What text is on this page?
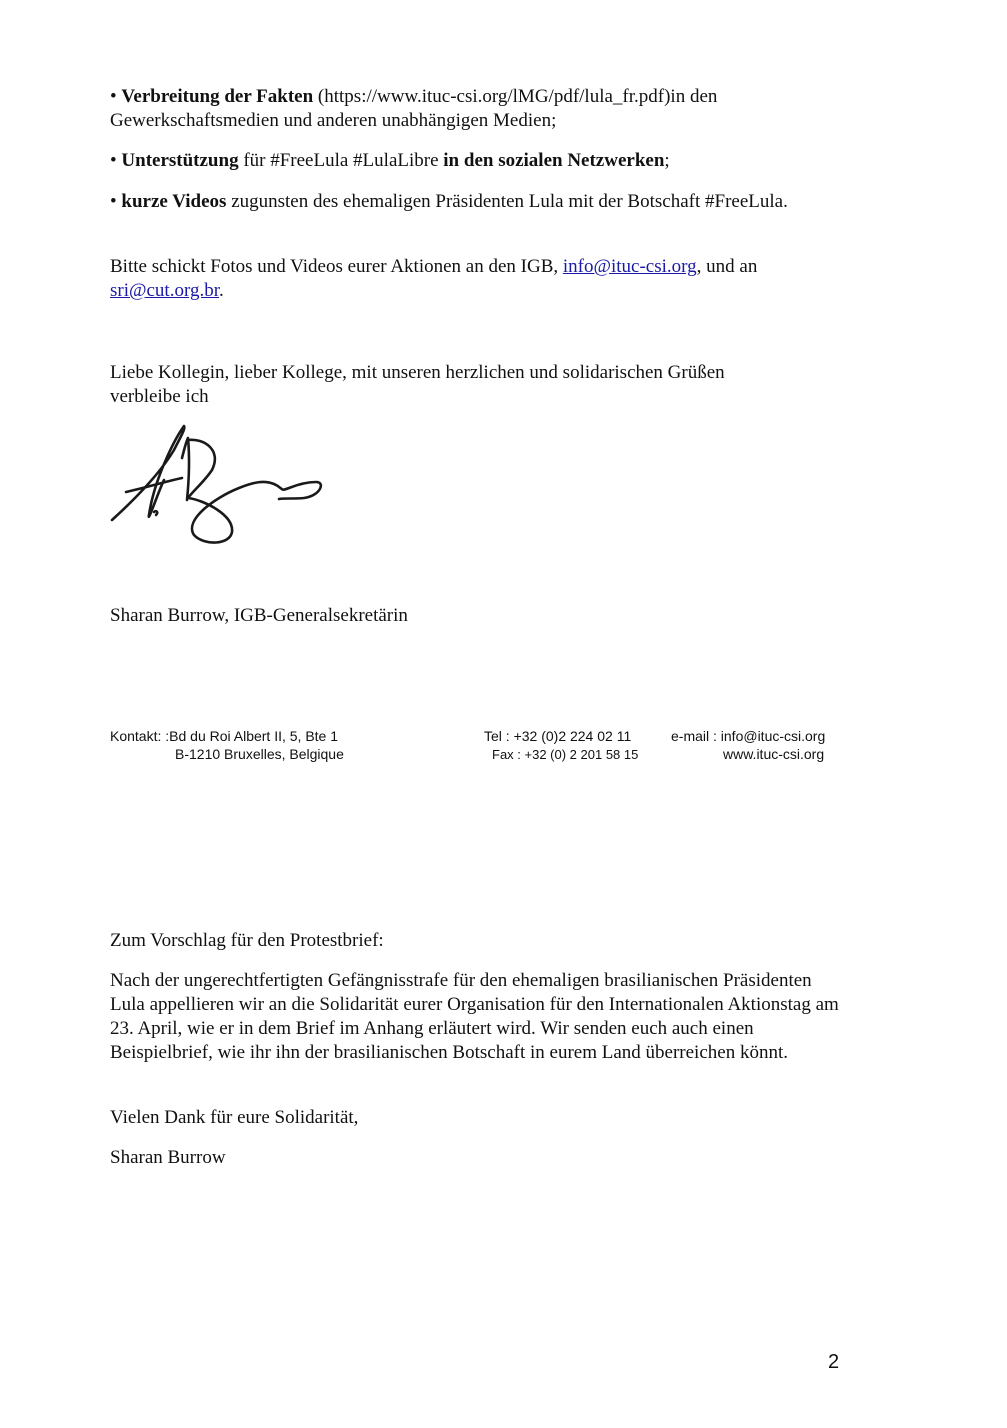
• Verbreitung der Fakten (https://www.ituc-csi.org/lMG/pdf/lula_fr.pdf)in den Gewerkschaftsmedien und anderen unabhängigen Medien;

• Unterstützung für #FreeLula #LulaLibre in den sozialen Netzwerken;

• kurze Videos zugunsten des ehemaligen Präsidenten Lula mit der Botschaft #FreeLula.

Bitte schickt Fotos und Videos eurer Aktionen an den IGB, info@ituc-csi.org, und an sri@cut.org.br.

Liebe Kollegin, lieber Kollege, mit unseren herzlichen und solidarischen Grüßen verbleibe ich

Sharan Burrow, IGB-Generalsekretärin

Kontakt: :Bd du Roi Albert II, 5, Bte 1
B-1210 Bruxelles, Belgique
Tel : +32 (0)2 224 02 11
Fax : +32 (0) 2 201 58 15
e-mail : info@ituc-csi.org
www.ituc-csi.org

Zum Vorschlag für den Protestbrief:

Nach der ungerechtfertigten Gefängnisstrafe für den ehemaligen brasilianischen Präsidenten Lula appellieren wir an die Solidarität eurer Organisation für den Internationalen Aktionstag am 23. April, wie er in dem Brief im Anhang erläutert wird. Wir senden euch auch einen Beispielbrief, wie ihr ihn der brasilianischen Botschaft in eurem Land überreichen könnt.

Vielen Dank für eure Solidarität,

Sharan Burrow

2
